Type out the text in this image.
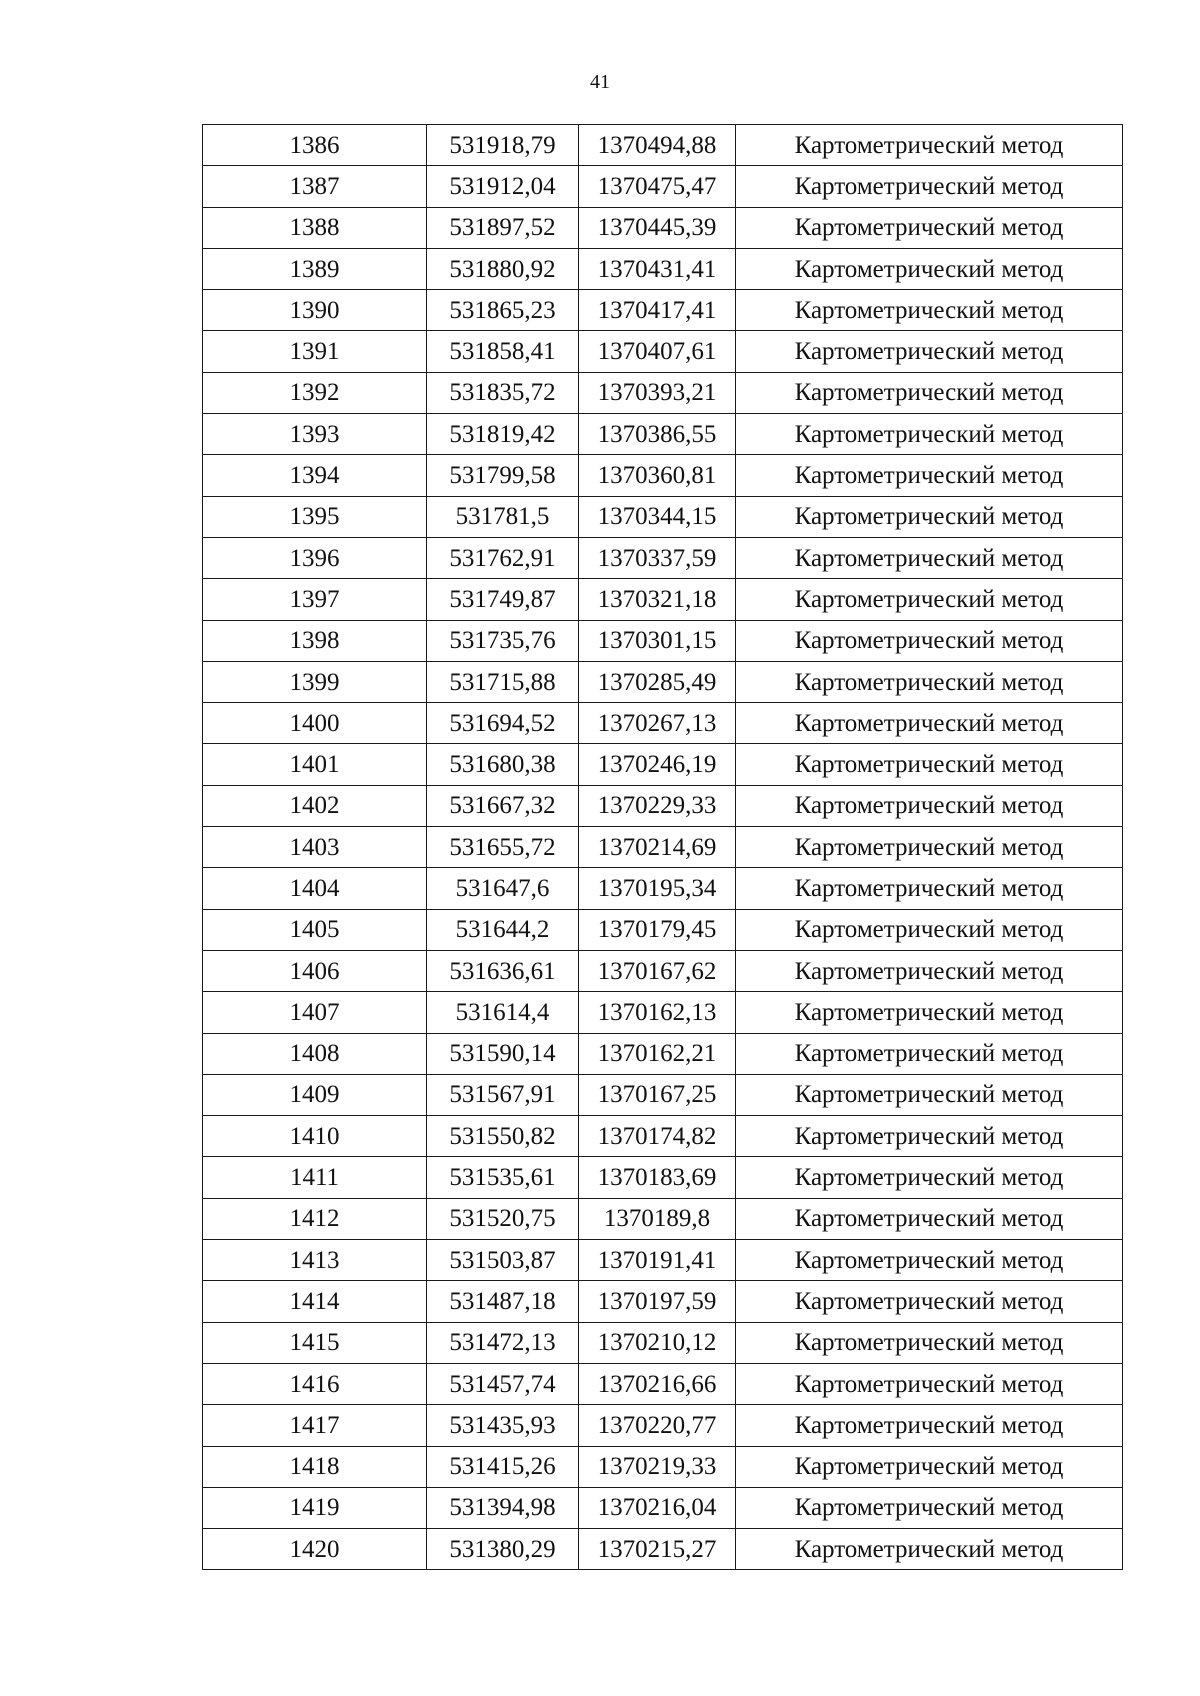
41
1386	531918,79	1370494,88	Картометрический метод
1387	531912,04	1370475,47	Картометрический метод
1388	531897,52	1370445,39	Картометрический метод
1389	531880,92	1370431,41	Картометрический метод
1390	531865,23	1370417,41	Картометрический метод
1391	531858,41	1370407,61	Картометрический метод
1392	531835,72	1370393,21	Картометрический метод
1393	531819,42	1370386,55	Картометрический метод
1394	531799,58	1370360,81	Картометрический метод
1395	531781,5	1370344,15	Картометрический метод
1396	531762,91	1370337,59	Картометрический метод
1397	531749,87	1370321,18	Картометрический метод
1398	531735,76	1370301,15	Картометрический метод
1399	531715,88	1370285,49	Картометрический метод
1400	531694,52	1370267,13	Картометрический метод
1401	531680,38	1370246,19	Картометрический метод
1402	531667,32	1370229,33	Картометрический метод
1403	531655,72	1370214,69	Картометрический метод
1404	531647,6	1370195,34	Картометрический метод
1405	531644,2	1370179,45	Картометрический метод
1406	531636,61	1370167,62	Картометрический метод
1407	531614,4	1370162,13	Картометрический метод
1408	531590,14	1370162,21	Картометрический метод
1409	531567,91	1370167,25	Картометрический метод
1410	531550,82	1370174,82	Картометрический метод
1411	531535,61	1370183,69	Картометрический метод
1412	531520,75	1370189,8	Картометрический метод
1413	531503,87	1370191,41	Картометрический метод
1414	531487,18	1370197,59	Картометрический метод
1415	531472,13	1370210,12	Картометрический метод
1416	531457,74	1370216,66	Картометрический метод
1417	531435,93	1370220,77	Картометрический метод
1418	531415,26	1370219,33	Картометрический метод
1419	531394,98	1370216,04	Картометрический метод
1420	531380,29	1370215,27	Картометрический метод
